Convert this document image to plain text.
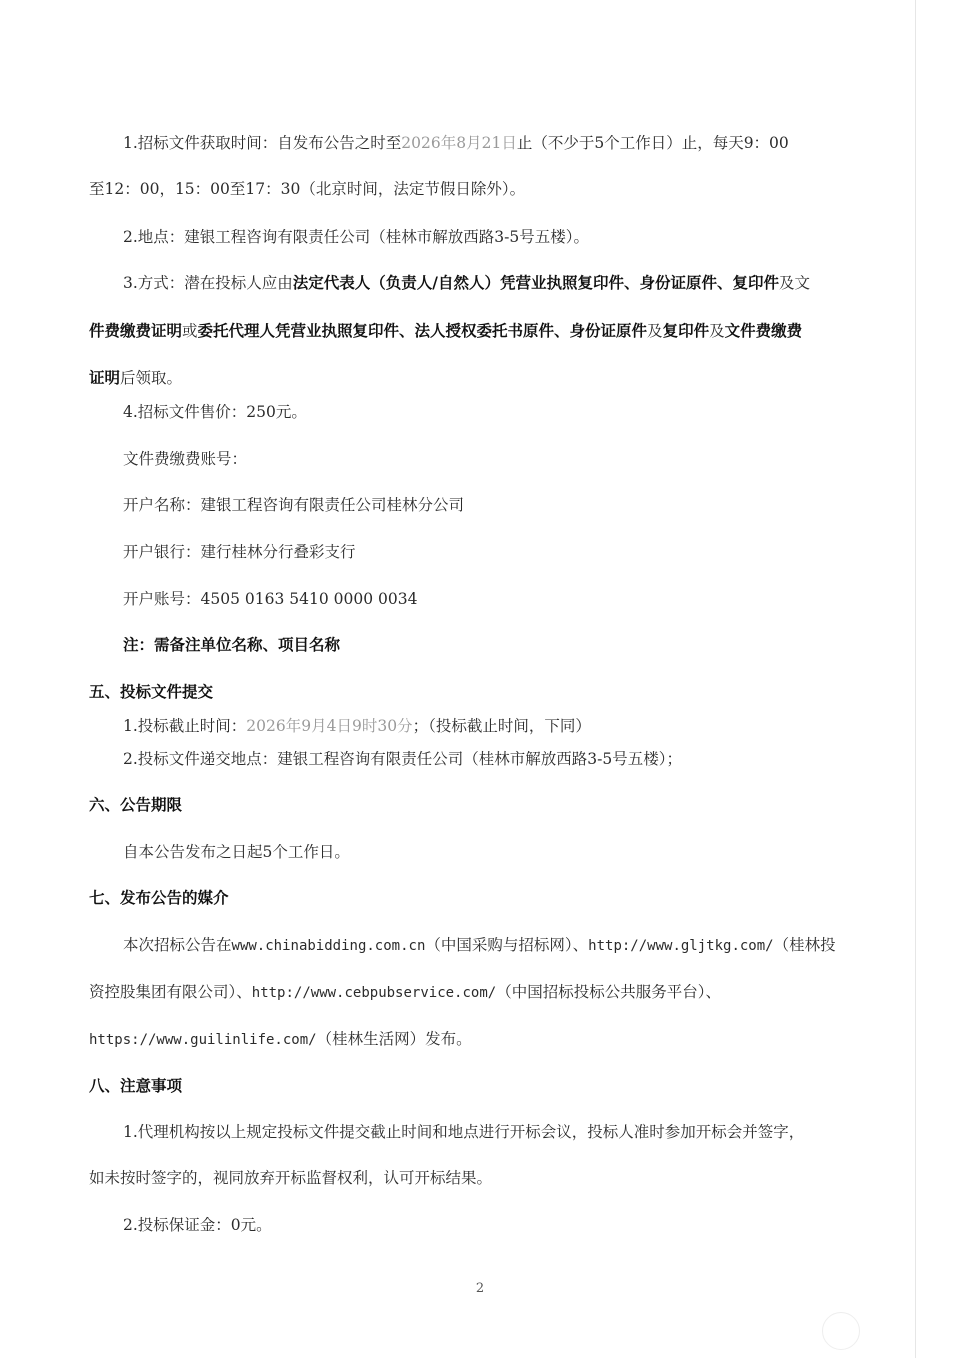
1.招标文件获取时间：自发布公告之时至2026年8月21日止（不少于5个工作日）止，每天9：00
至12：00，15：00至17：30（北京时间，法定节假日除外）。
2.地点：建银工程咨询有限责任公司（桂林市解放西路3-5号五楼）。
3.方式：潜在投标人应由法定代表人（负责人/自然人）凭营业执照复印件、身份证原件、复印件及文
件费缴费证明或委托代理人凭营业执照复印件、法人授权委托书原件、身份证原件及复印件及文件费缴费
证明后领取。
4.招标文件售价：250元。
文件费缴费账号：
开户名称：建银工程咨询有限责任公司桂林分公司
开户银行：建行桂林分行叠彩支行
开户账号：4505 0163 5410 0000 0034
注：需备注单位名称、项目名称
五、投标文件提交
1.投标截止时间：2026年9月4日9时30分；（投标截止时间，下同）
2.投标文件递交地点：建银工程咨询有限责任公司（桂林市解放西路3-5号五楼）；
六、公告期限
自本公告发布之日起5个工作日。
七、发布公告的媒介
本次招标公告在www.chinabidding.com.cn（中国采购与招标网）、http://www.gljtkg.com/（桂林投
资控股集团有限公司）、http://www.cebpubservice.com/（中国招标投标公共服务平台）、
https://www.guilinlife.com/（桂林生活网）发布。
八、注意事项
1.代理机构按以上规定投标文件提交截止时间和地点进行开标会议，投标人准时参加开标会并签字，
如未按时签字的，视同放弃开标监督权利，认可开标结果。
2.投标保证金：0元。
2
